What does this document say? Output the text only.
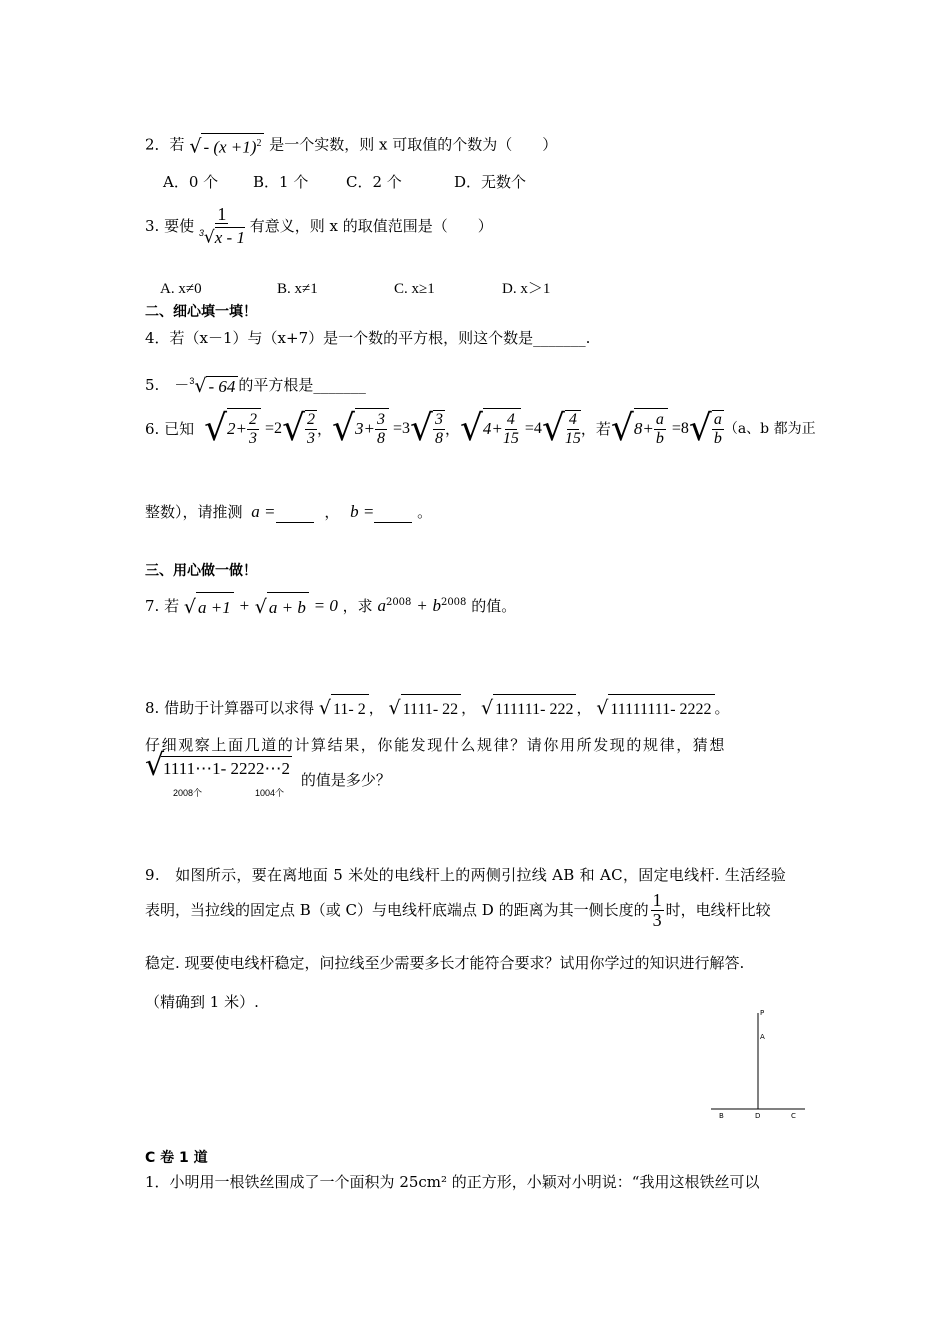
2．若 √ - $(x +1)^2$ 是一个实数，则 x 可取值的个数为（　　）
A．0 个 B．1 个	C．2 个	D．无数个
3. 要使 $\frac{1}{^3√x - 1}$ 有意义，则 x 的取值范围是（　　）
A. x≠0	B. x≠1	C. x≥1	D. x＞1
二、细心填一填！
4．若（x－1）与（x+7）是一个数的平方根，则这个数是_______.
5.　－$^3$√ - 64 的平方根是_______
6. 已知 √ $2 + \frac{2}{3} =2$ √ $\frac{2}{3}$ ， √ $3 + \frac{3}{8} =3$ √ $\frac{3}{8}$ ， √ $4 + \frac{4}{15} =4$ √ $\frac{4}{15}$ ，若 √ $8 + \frac{a}{b} =8$ √ $\frac{a}{b} (a$、b 都为正
整数），请推测 a =	， b =	。
三、用心做一做！
7. 若 √ a +1 + √ a + b = 0 ，求 $a^{2008} + b^{2008}$ 的值。
8. 借助于计算器可以求得 √ 11- 2 ， √ 1111- 22 ， √ 111111- 222 ， √ 11111111- 2222 。
仔细观察上面几道的计算结果，你能发现什么规律？请你用所发现的规律，猜想
√
1111⋯1- 2222⋯2
2008个	1004个
的值是多少？
9.　如图所示，要在离地面 5 米处的电线杆上的两侧引拉线 AB 和 AC，固定电线杆. 生活经验
表明，当拉线的固定点 B（或 C）与电线杆底端点 D 的距离为其一侧长度的 $\frac{1}{3}$ 时，电线杆比较
稳定. 现要使电线杆稳定，问拉线至少需要多长才能符合要求？试用你学过的知识进行解答.
（精确到 1 米）.
P
A
B	D	C
C 卷 1 道
1．小明用一根铁丝围成了一个面积为 25cm² 的正方形，小颖对小明说：“我用这根铁丝可以
